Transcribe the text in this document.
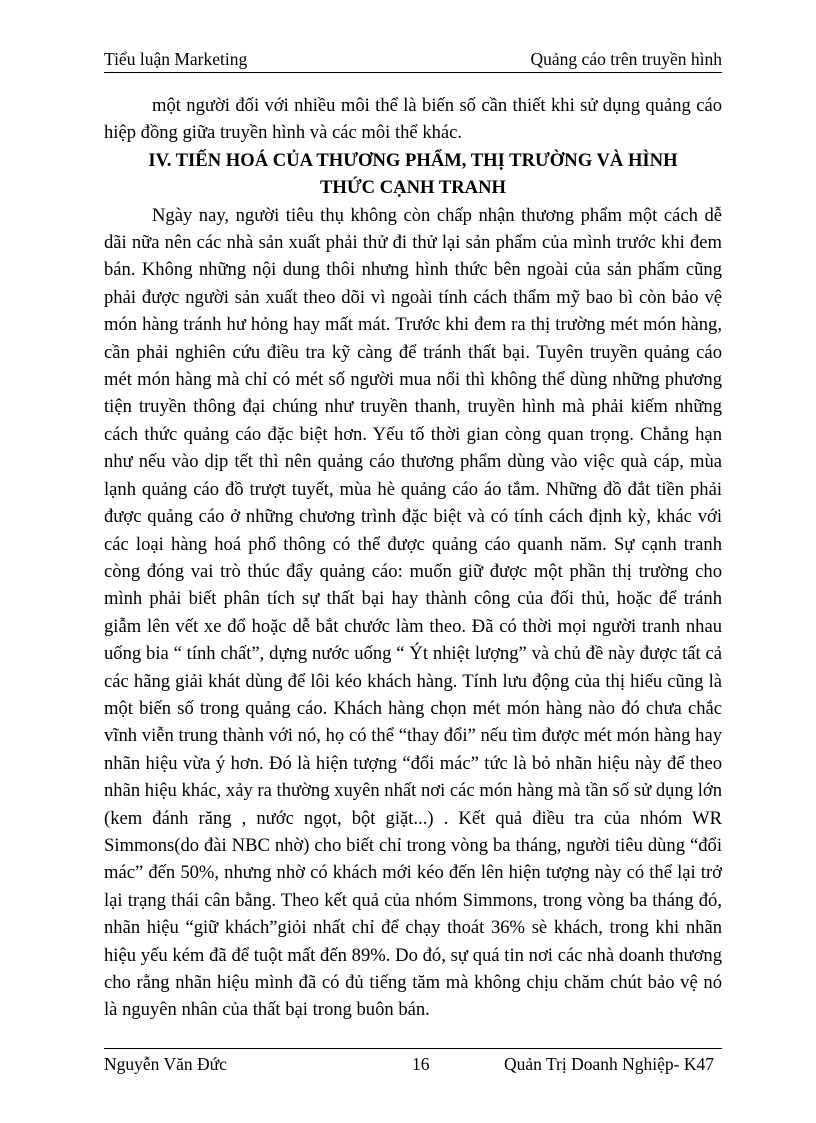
Tiểu luận Marketing	Quảng cáo trên truyền hình

một người đối với nhiều môi thể là biến số cần thiết khi sử dụng quảng cáo hiệp đồng giữa truyền hình và các môi thể khác.

IV. TIẾN HOÁ CỦA THƯƠNG PHẨM, THỊ TRƯỜNG VÀ HÌNH THỨC CẠNH TRANH

Ngày nay, người tiêu thụ không còn chấp nhận thương phẩm một cách dễ dãi nữa nên các nhà sản xuất phải thử đi thử lại sản phẩm của mình trước khi đem bán. Không những nội dung thôi nhưng hình thức bên ngoài của sản phẩm cũng phải được người sản xuất theo dõi vì ngoài tính cách thẩm mỹ bao bì còn bảo vệ món hàng tránh hư hỏng hay mất mát. Trước khi đem ra thị trường mét món hàng, cần phải nghiên cứu điều tra kỹ càng để tránh thất bại. Tuyên truyền quảng cáo mét món hàng mà chỉ có mét số người mua nổi thì không thể dùng những phương tiện truyền thông đại chúng như truyền thanh, truyền hình mà phải kiếm những cách thức quảng cáo đặc biệt hơn. Yếu tố thời gian còng quan trọng. Chẳng hạn như nếu vào dịp tết thì nên quảng cáo thương phẩm dùng vào việc quà cáp, mùa lạnh quảng cáo đồ trượt tuyết, mùa hè quảng cáo áo tắm. Những đồ đắt tiền phải được quảng cáo ở những chương trình đặc biệt và có tính cách định kỳ, khác với các loại hàng hoá phổ thông có thể được quảng cáo quanh năm. Sự cạnh tranh còng đóng vai trò thúc đẩy quảng cáo: muốn giữ được một phần thị trường cho mình phải biết phân tích sự thất bại hay thành công của đối thủ, hoặc để tránh giẫm lên vết xe đổ hoặc dễ bắt chước làm theo. Đã có thời mọi người tranh nhau uống bia “ tính chất”, dựng nước uống “ Ýt nhiệt lượng” và chủ đề này được tất cả các hãng giải khát dùng để lôi kéo khách hàng. Tính lưu động của thị hiếu cũng là một biến số trong quảng cáo. Khách hàng chọn mét món hàng nào đó chưa chắc vĩnh viễn trung thành với nó, họ có thể “thay đổi” nếu tìm được mét món hàng hay nhãn hiệu vừa ý hơn. Đó là hiện tượng “đổi mác” tức là bỏ nhãn hiệu này để theo nhãn hiệu khác, xảy ra thường xuyên nhất nơi các món hàng mà tần số sử dụng lớn (kem đánh răng , nước ngọt, bột giặt...) . Kết quả điều tra của nhóm WR Simmons(do đài NBC nhờ) cho biết chỉ trong vòng ba tháng, người tiêu dùng “đổi mác” đến 50%, nhưng nhờ có khách mới kéo đến lên hiện tượng này có thể lại trở lại trạng thái cân bằng. Theo kết quả của nhóm Simmons, trong vòng ba tháng đó, nhãn hiệu “giữ khách”giỏi nhất chỉ để chạy thoát 36% sè khách, trong khi nhãn hiệu yếu kém đã để tuột mất đến 89%. Do đó, sự quá tin nơi các nhà doanh thương cho rằng nhãn hiệu mình đã có đủ tiếng tăm mà không chịu chăm chút bảo vệ nó là nguyên nhân của thất bại trong buôn bán.

Nguyễn Văn Đức	16	Quản Trị Doanh Nghiệp- K47
